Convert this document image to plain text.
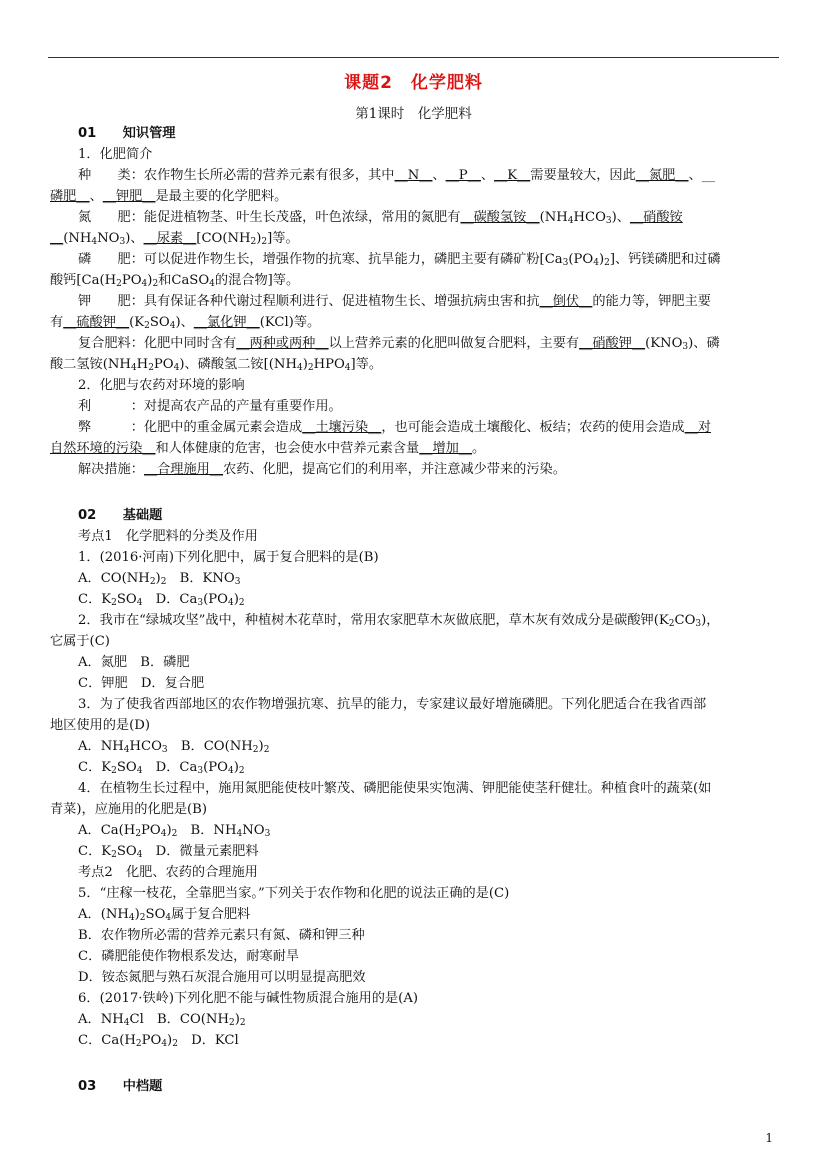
课题2　化学肥料
第1课时　化学肥料
01　　知识管理
1．化肥简介
种　　类：农作物生长所必需的营养元素有很多，其中__N__、__P__、__K__需要量较大，因此__氮肥__、__
磷肥__、__钾肥__是最主要的化学肥料。
氮　　肥：能促进植物茎、叶生长茂盛，叶色浓绿，常用的氮肥有__碳酸氢铵$\_\_(NH_4HCO_3)$、__硝酸铵
$\_\_(NH_4NO_3)$、__尿素$\_\_[CO(NH_2)_2]$等。
磷　　肥：可以促进作物生长，增强作物的抗寒、抗旱能力，磷肥主要有磷矿粉$[Ca_3(PO_4)_2]$、钙镁磷肥和过磷
酸钙[$Ca(H_2PO_4)_2$和CaSO$_4$的混合物]等。
钾　　肥：具有保证各种代谢过程顺利进行、促进植物生长、增强抗病虫害和抗__倒伏__的能力等，钾肥主要
有__硫酸钾$\_\_(K_2SO_4)$、__氯化钾__(KCl)等。
复合肥料：化肥中同时含有__两种或两种__以上营养元素的化肥叫做复合肥料，主要有__硝酸钾$\_\_(KNO_3)$、磷
酸二氢铵$(NH_4H_2PO_4)$、磷酸氢二铵$[(NH_4)_2HPO_4]$等。
2．化肥与农药对环境的影响
利　　　：对提高农产品的产量有重要作用。
弊　　　：化肥中的重金属元素会造成__土壤污染__，也可能会造成土壤酸化、板结；农药的使用会造成__对
自然环境的污染__和人体健康的危害，也会使水中营养元素含量__增加__。
解决措施：__合理施用__农药、化肥，提高它们的利用率，并注意减少带来的污染。
02　　基础题
考点1　化学肥料的分类及作用
1．(2016·河南)下列化肥中，属于复合肥料的是(B)
A．$CO(NH_2)_2$　B．$KNO_3$
C．$K_2SO_4$　D．$Ca_3(PO_4)_2$
2．我市在“绿城攻坚”战中，种植树木花草时，常用农家肥草木灰做底肥，草木灰有效成分是碳酸钾$(K_2CO_3)$，
它属于(C)
A．氮肥　B．磷肥
C．钾肥　D．复合肥
3．为了使我省西部地区的农作物增强抗寒、抗旱的能力，专家建议最好增施磷肥。下列化肥适合在我省西部
地区使用的是(D)
A．$NH_4HCO_3$　B．$CO(NH_2)_2$
C．$K_2SO_4$　D．$Ca_3(PO_4)_2$
4．在植物生长过程中，施用氮肥能使枝叶繁茂、磷肥能使果实饱满、钾肥能使茎秆健壮。种植食叶的蔬菜(如
青菜)，应施用的化肥是(B)
A．$Ca(H_2PO_4)_2$　B．$NH_4NO_3$
C．$K_2SO_4$　D．微量元素肥料
考点2　化肥、农药的合理施用
5．“庄稼一枝花，全靠肥当家。”下列关于农作物和化肥的说法正确的是(C)
A．$(NH_4)_2SO_4$属于复合肥料
B．农作物所必需的营养元素只有氮、磷和钾三种
C．磷肥能使作物根系发达，耐寒耐旱
D．铵态氮肥与熟石灰混合施用可以明显提高肥效
6．(2017·铁岭)下列化肥不能与碱性物质混合施用的是(A)
A．$NH_4Cl$　B．$CO(NH_2)_2$
C．$Ca(H_2PO_4)_2$　D．KCl
03　　中档题
1
